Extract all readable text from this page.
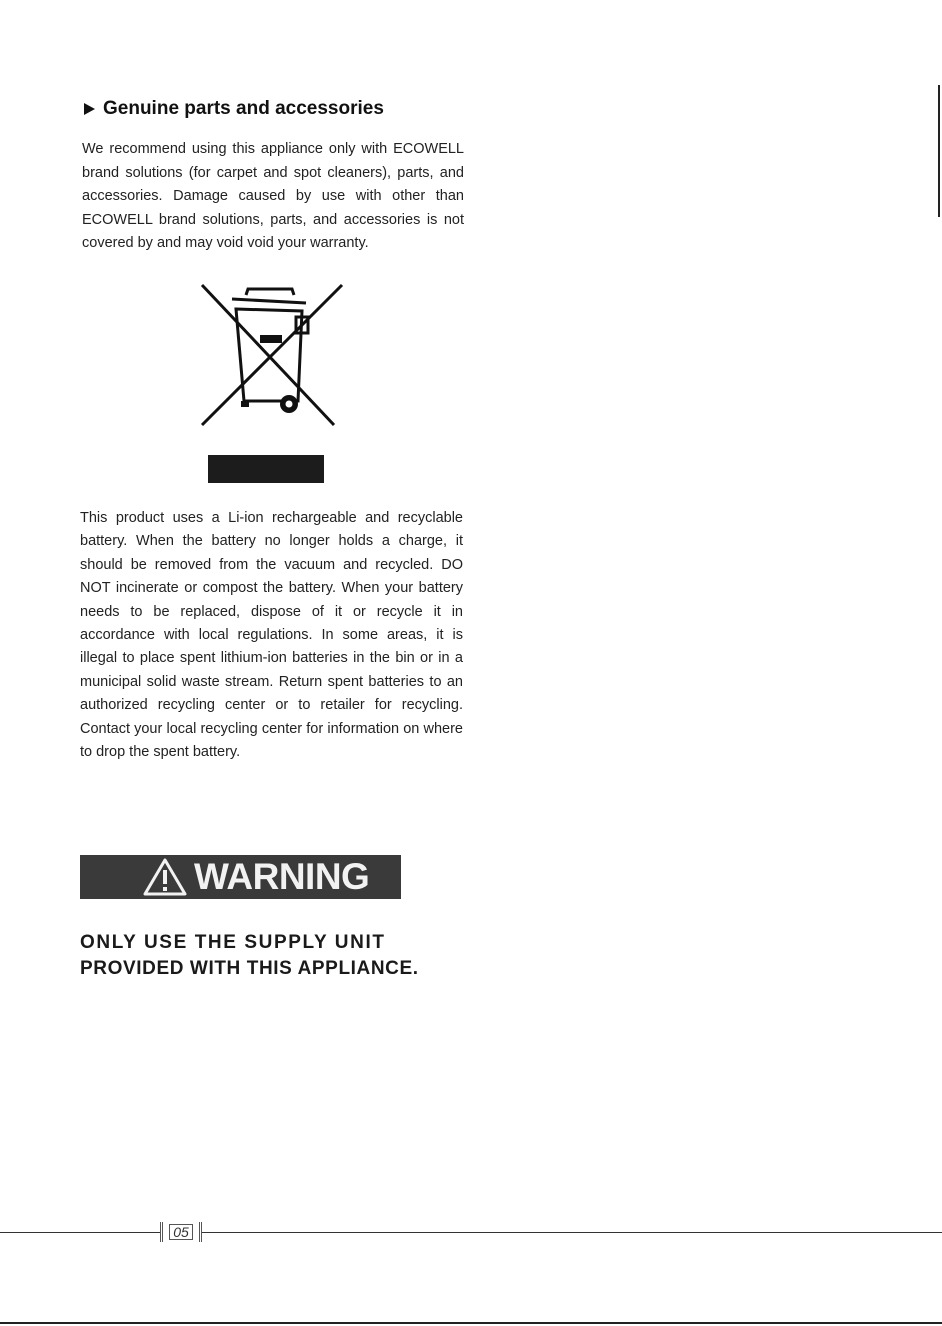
Genuine parts and accessories

We recommend using this appliance only with ECOWELL brand solutions (for carpet and spot cleaners), parts, and accessories. Damage caused by use with other than ECOWELL brand solutions, parts, and accessories is not covered by and may void void your warranty.

This product uses a Li-ion rechargeable and recyclable battery. When the battery no longer holds a charge, it should be removed from the vacuum and recycled. DO NOT incinerate or compost the battery. When your battery needs to be replaced, dispose of it or recycle it in accordance with local regulations. In some areas, it is illegal to place spent lithium-ion batteries in the bin or in a municipal solid waste stream. Return spent batteries to an authorized recycling center or to retailer for recycling. Contact your local recycling center for information on where to drop the spent battery.

WARNING

ONLY USE THE SUPPLY UNIT
PROVIDED WITH THIS APPLIANCE.

05
